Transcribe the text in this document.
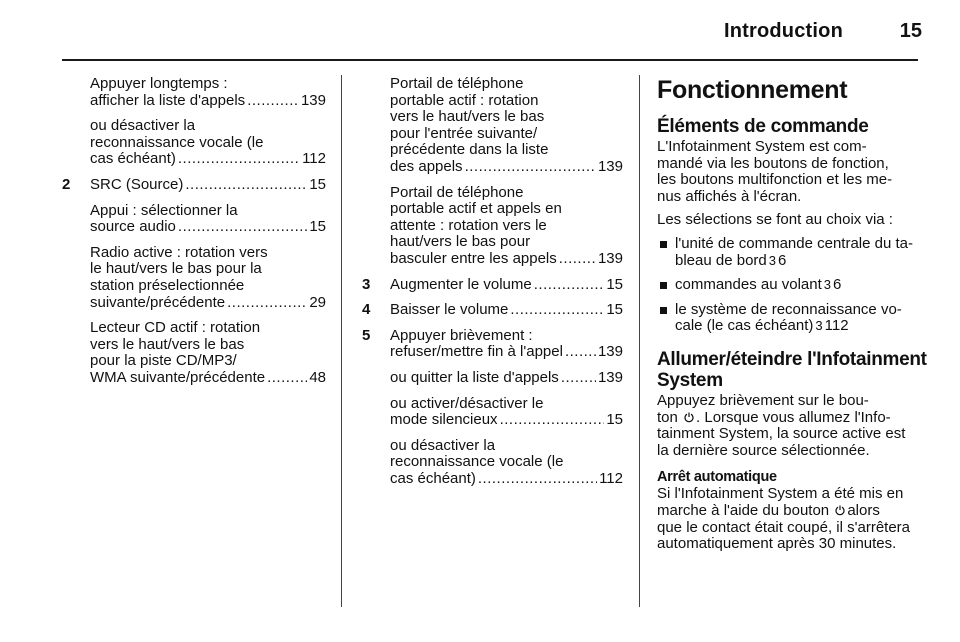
Introduction	15
Appuyer longtemps :
afficher la liste d'appels .....	139
ou désactiver la
reconnaissance vocale (le
cas échéant) .....	112
2 SRC (Source) .....	15
Appui : sélectionner la
source audio .....	15
Radio active : rotation vers
le haut/vers le bas pour la
station préselectionnée
suivante/précédente .....	29
Lecteur CD actif : rotation
vers le haut/vers le bas
pour la piste CD/MP3/
WMA suivante/précédente .....	48
Portail de téléphone
portable actif : rotation
vers le haut/vers le bas
pour l'entrée suivante/
précédente dans la liste
des appels .....	139
Portail de téléphone
portable actif et appels en
attente : rotation vers le
haut/vers le bas pour
basculer entre les appels .....	139
3 Augmenter le volume .....	15
4 Baisser le volume .....	15
5 Appuyer brièvement :
refuser/mettre fin à l'appel ..... 139
ou quitter la liste d'appels .....	139
ou activer/désactiver le
mode silencieux .....	15
ou désactiver la
reconnaissance vocale (le
cas échéant) .....	112
Fonctionnement
Éléments de commande
L'Infotainment System est com-
mandé via les boutons de fonction,
les boutons multifonction et les me-
nus affichés à l'écran.
Les sélections se font au choix via :
l'unité de commande centrale du ta-
bleau de bord 3 6
commandes au volant 3 6
le système de reconnaissance vo-
cale (le cas échéant) 3 112
Allumer/éteindre l'Infotainment
System
Appuyez brièvement sur le bou-
ton . Lorsque vous allumez l'Info-
tainment System, la source active est
la dernière source sélectionnée.
Arrêt automatique
Si l'Infotainment System a été mis en
marche à l'aide du bouton alors
que le contact était coupé, il s'arrêtera
automatiquement après 30 minutes.
